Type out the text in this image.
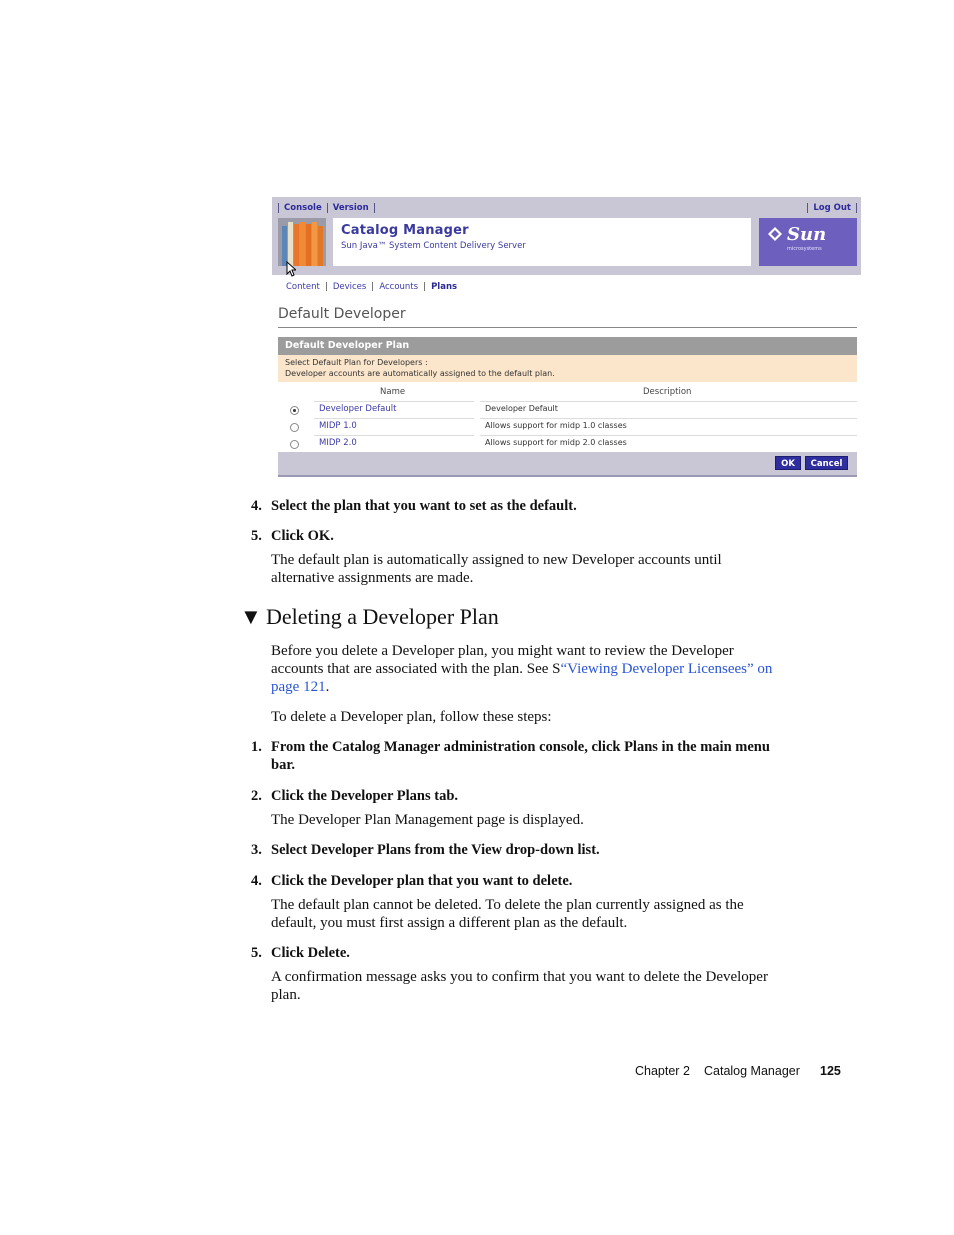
Console	Version	Log Out
Catalog Manager
Sun Java™ System Content Delivery Server
Sun
microsystems
Content	Devices	Accounts	Plans
Default Developer
Default Developer Plan
Select Default Plan for Developers :
Developer accounts are automatically assigned to the default plan.
Name	Description
Developer Default	Developer Default
MIDP 1.0	Allows support for midp 1.0 classes
MIDP 2.0	Allows support for midp 2.0 classes
OK	Cancel
4. Select the plan that you want to set as the default.
5. Click OK.
The default plan is automatically assigned to new Developer accounts until
alternative assignments are made.
▼ Deleting a Developer Plan
Before you delete a Developer plan, you might want to review the Developer
accounts that are associated with the plan. See S“Viewing Developer Licensees” on
page 121.
To delete a Developer plan, follow these steps:
1. From the Catalog Manager administration console, click Plans in the main menu
bar.
2. Click the Developer Plans tab.
The Developer Plan Management page is displayed.
3. Select Developer Plans from the View drop-down list.
4. Click the Developer plan that you want to delete.
The default plan cannot be deleted. To delete the plan currently assigned as the
default, you must first assign a different plan as the default.
5. Click Delete.
A confirmation message asks you to confirm that you want to delete the Developer
plan.
Chapter 2 Catalog Manager 125
